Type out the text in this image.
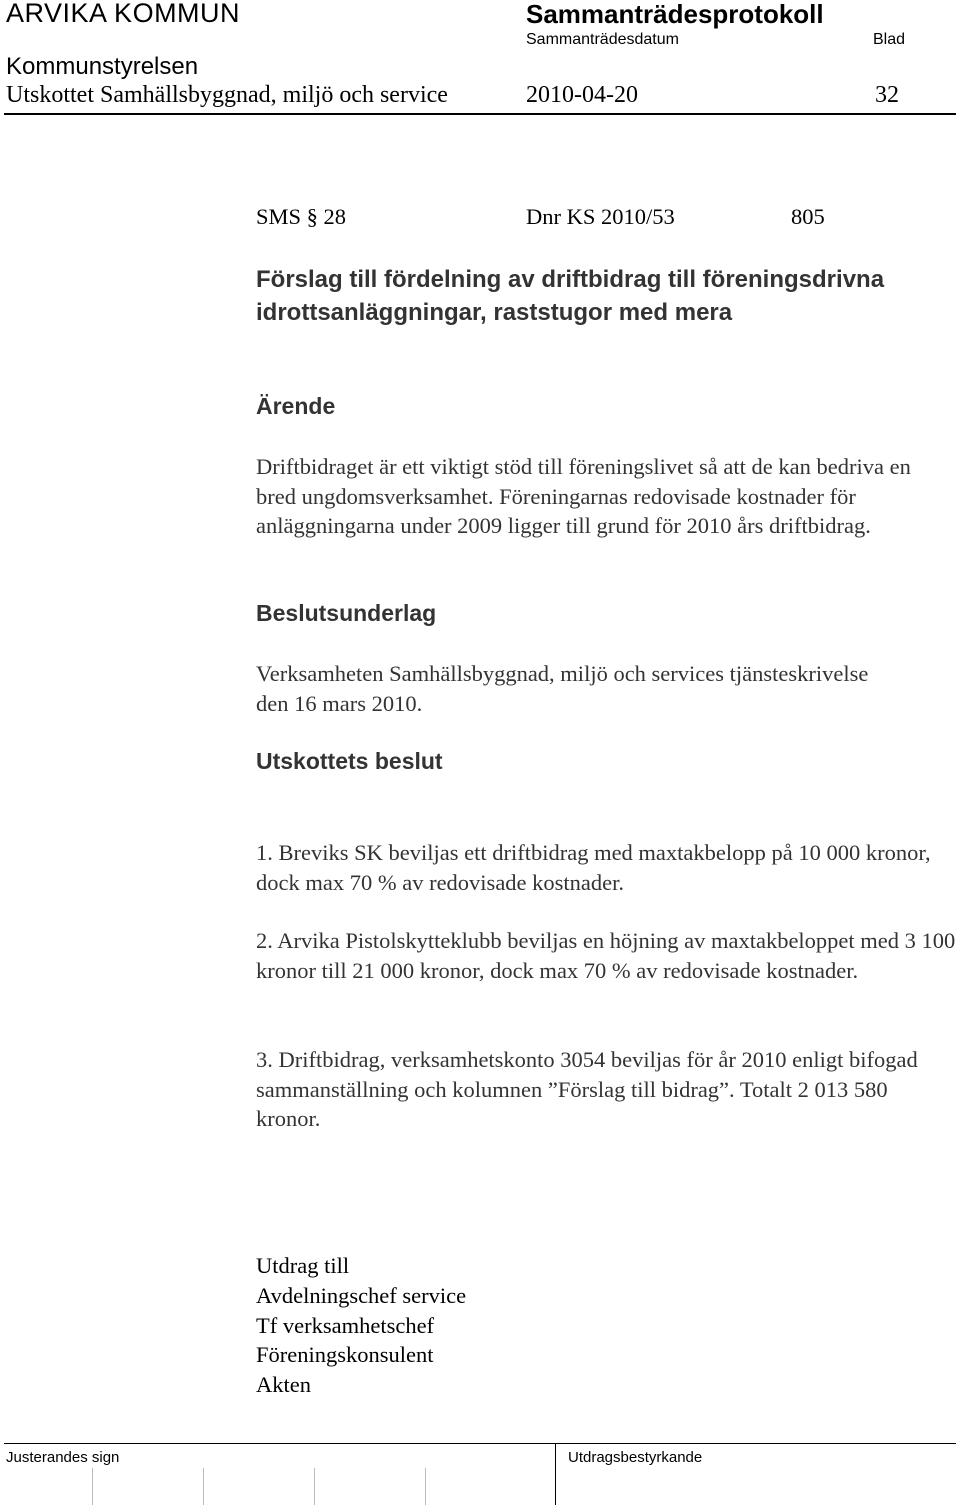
ARVIKA KOMMUN	Sammanträdesprotokoll
Sammanträdesdatum	Blad
Kommunstyrelsen
Utskottet Samhällsbyggnad, miljö och service	2010-04-20	32
SMS § 28	Dnr KS 2010/53	805
Förslag till fördelning av driftbidrag till föreningsdrivna idrottsanläggningar, raststugor med mera
Ärende
Driftbidraget är ett viktigt stöd till föreningslivet så att de kan bedriva en bred ungdomsverksamhet. Föreningarnas redovisade kostnader för anläggningarna under 2009 ligger till grund för 2010 års driftbidrag.
Beslutsunderlag
Verksamheten Samhällsbyggnad, miljö och services tjänsteskrivelse den 16 mars 2010.
Utskottets beslut
1. Breviks SK beviljas ett driftbidrag med maxtakbelopp på 10 000 kronor, dock max 70 % av redovisade kostnader.
2. Arvika Pistolskytteklubb beviljas en höjning av maxtakbeloppet med 3 100 kronor till 21 000 kronor, dock max 70 % av redovisade kostnader.
3. Driftbidrag, verksamhetskonto 3054 beviljas för år 2010 enligt bifogad sammanställning och kolumnen ”Förslag till bidrag”. Totalt 2 013 580 kronor.
Utdrag till
Avdelningschef service
Tf verksamhetschef
Föreningskonsulent
Akten
Justerandes sign	Utdragsbestyrkande
